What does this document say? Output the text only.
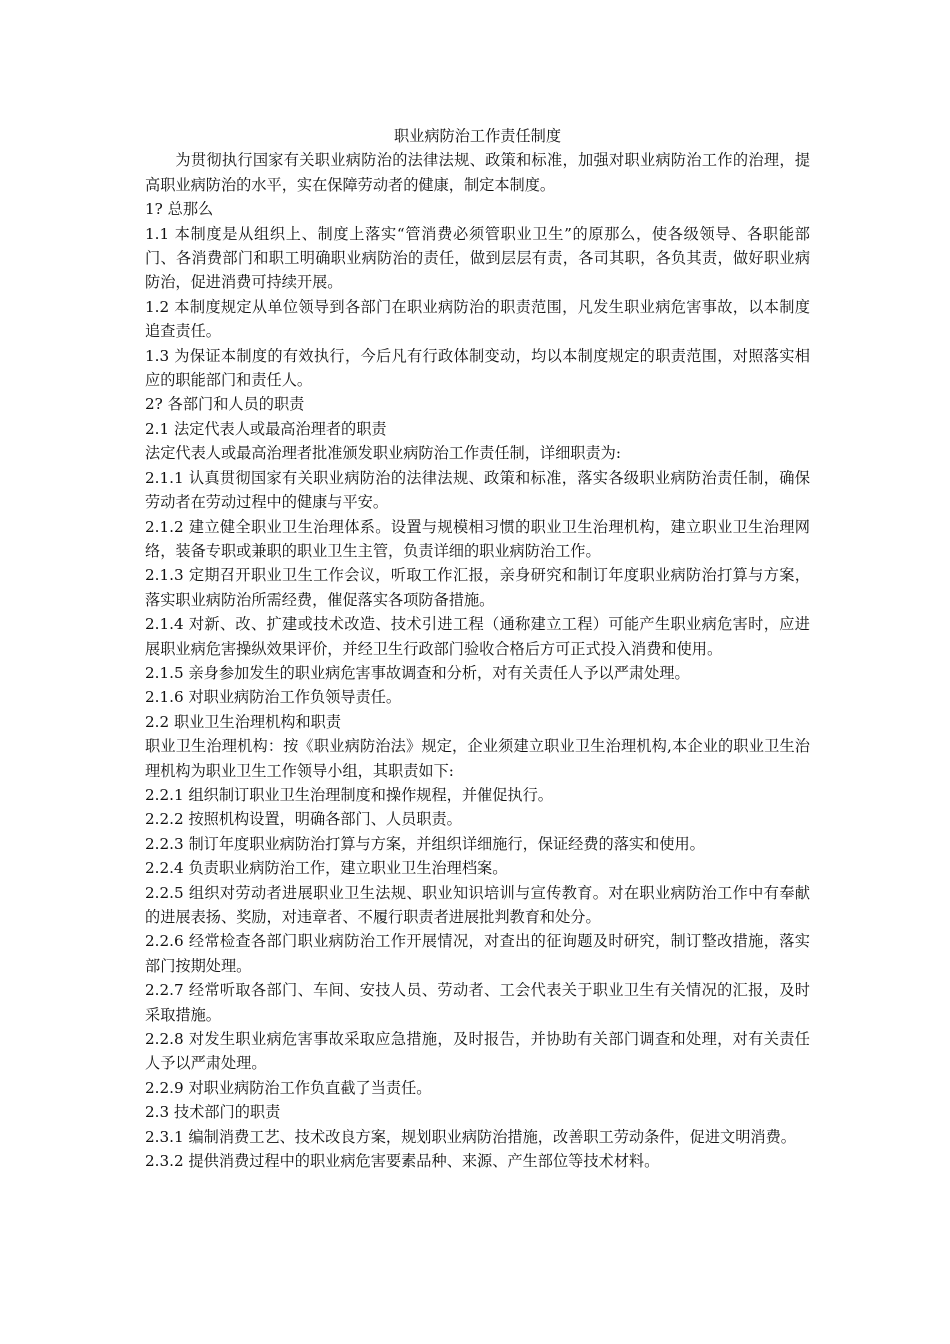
职业病防治工作责任制度

为贯彻执行国家有关职业病防治的法律法规、政策和标准，加强对职业病防治工作的治理，提高职业病防治的水平，实在保障劳动者的健康，制定本制度。

1? 总那么

1.1 本制度是从组织上、制度上落实“管消费必须管职业卫生”的原那么，使各级领导、各职能部门、各消费部门和职工明确职业病防治的责任，做到层层有责，各司其职，各负其责，做好职业病防治，促进消费可持续开展。

1.2 本制度规定从单位领导到各部门在职业病防治的职责范围，凡发生职业病危害事故，以本制度追查责任。

1.3 为保证本制度的有效执行，今后凡有行政体制变动，均以本制度规定的职责范围，对照落实相应的职能部门和责任人。

2? 各部门和人员的职责

2.1 法定代表人或最高治理者的职责

法定代表人或最高治理者批准颁发职业病防治工作责任制，详细职责为:

2.1.1 认真贯彻国家有关职业病防治的法律法规、政策和标准，落实各级职业病防治责任制，确保劳动者在劳动过程中的健康与平安。

2.1.2 建立健全职业卫生治理体系。设置与规模相习惯的职业卫生治理机构，建立职业卫生治理网络，装备专职或兼职的职业卫生主管，负责详细的职业病防治工作。

2.1.3 定期召开职业卫生工作会议，听取工作汇报，亲身研究和制订年度职业病防治打算与方案，落实职业病防治所需经费，催促落实各项防备措施。

2.1.4 对新、改、扩建或技术改造、技术引进工程（通称建立工程）可能产生职业病危害时，应进展职业病危害操纵效果评价，并经卫生行政部门验收合格后方可正式投入消费和使用。

2.1.5 亲身参加发生的职业病危害事故调查和分析，对有关责任人予以严肃处理。

2.1.6 对职业病防治工作负领导责任。

2.2 职业卫生治理机构和职责

职业卫生治理机构：按《职业病防治法》规定，企业须建立职业卫生治理机构,本企业的职业卫生治理机构为职业卫生工作领导小组，其职责如下:

2.2.1 组织制订职业卫生治理制度和操作规程，并催促执行。

2.2.2 按照机构设置，明确各部门、人员职责。

2.2.3 制订年度职业病防治打算与方案，并组织详细施行，保证经费的落实和使用。

2.2.4 负责职业病防治工作，建立职业卫生治理档案。

2.2.5 组织对劳动者进展职业卫生法规、职业知识培训与宣传教育。对在职业病防治工作中有奉献的进展表扬、奖励，对违章者、不履行职责者进展批判教育和处分。

2.2.6 经常检查各部门职业病防治工作开展情况，对查出的征询题及时研究，制订整改措施，落实部门按期处理。

2.2.7 经常听取各部门、车间、安技人员、劳动者、工会代表关于职业卫生有关情况的汇报，及时采取措施。

2.2.8 对发生职业病危害事故采取应急措施，及时报告，并协助有关部门调查和处理，对有关责任人予以严肃处理。

2.2.9 对职业病防治工作负直截了当责任。

2.3 技术部门的职责

2.3.1 编制消费工艺、技术改良方案，规划职业病防治措施，改善职工劳动条件，促进文明消费。

2.3.2 提供消费过程中的职业病危害要素品种、来源、产生部位等技术材料。
